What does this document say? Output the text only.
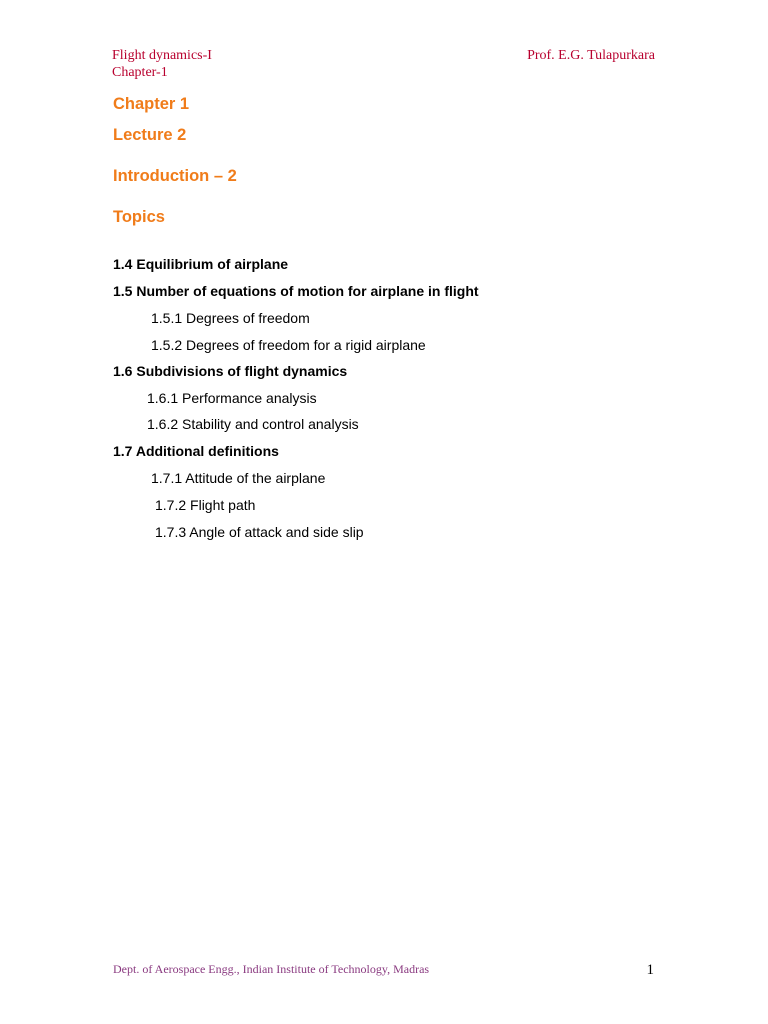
Flight dynamics-I
Chapter-1
Prof. E.G. Tulapurkara
Chapter 1
Lecture 2
Introduction – 2
Topics
1.4 Equilibrium of airplane
1.5 Number of equations of motion for airplane in flight
1.5.1 Degrees of freedom
1.5.2 Degrees of freedom for a rigid airplane
1.6 Subdivisions of flight dynamics
1.6.1 Performance analysis
1.6.2 Stability and control analysis
1.7 Additional definitions
1.7.1 Attitude of the airplane
1.7.2 Flight path
1.7.3 Angle of attack and side slip
Dept. of Aerospace Engg., Indian Institute of Technology, Madras	1
